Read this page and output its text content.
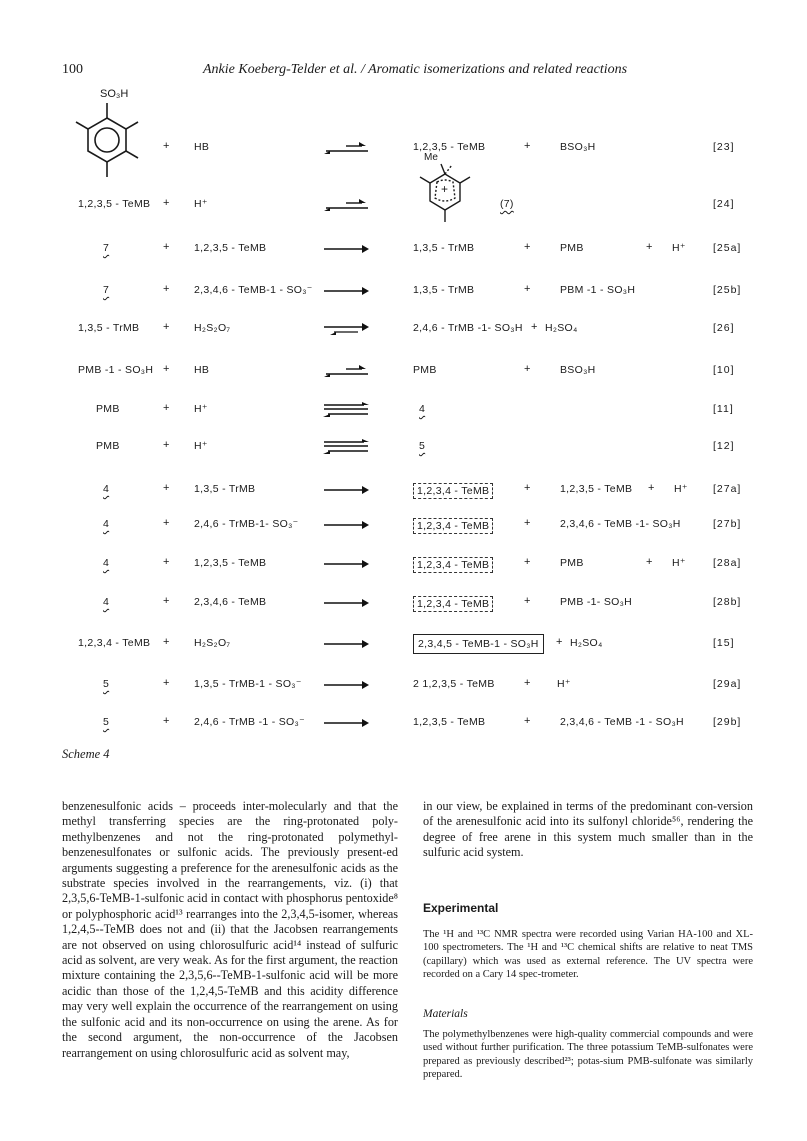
100	Ankie Koeberg-Telder et al. / Aromatic isomerizations and related reactions
SO₃H
Me
+
+ HB	1,2,3,5 - TeMB	+	BSO₃H	[23]
1,2,3,5 - TeMB + H⁺	(7)	[24]
7	+ 1,2,3,5 - TeMB	1,3,5 - TrMB	+	PMB	+ H⁺	[25a]
7	+ 2,3,4,6 - TeMB-1 - SO₃⁻	1,3,5 - TrMB	+	PBM -1 - SO₃H	[25b]
1,3,5 - TrMB + H₂S₂O₇	2,4,6 - TrMB -1- SO₃H + H₂SO₄	[26]
PMB -1 - SO₃H + HB	PMB	+	BSO₃H	[10]
PMB	+ H⁺	4	[11]
PMB	+ H⁺	5	[12]
4	+ 1,3,5 - TrMB	1,2,3,4 - TeMB	+	1,2,3,5 - TeMB + H⁺ [27a]
4	+ 2,4,6 - TrMB-1- SO₃⁻	1,2,3,4 - TeMB	+	2,3,4,6 - TeMB -1- SO₃H	[27b]
4	+ 1,2,3,5 - TeMB	1,2,3,4 - TeMB	+	PMB	+ H⁺	[28a]
4	+ 2,3,4,6 - TeMB	1,2,3,4 - TeMB	+	PMB -1- SO₃H	[28b]
1,2,3,4 - TeMB + H₂S₂O₇	2,3,4,5 - TeMB-1 - SO₃H	+ H₂SO₄	[15]
5	+ 1,3,5 - TrMB-1 - SO₃⁻	2 1,2,3,5 - TeMB	+	H⁺	[29a]
5	+ 2,4,6 - TrMB -1 - SO₃⁻	1,2,3,5 - TeMB	+	2,3,4,6 - TeMB -1 - SO₃H	[29b]
Scheme 4

benzenesulfonic acids – proceeds inter-molecularly and that the methyl transferring species are the ring-protonated poly-methylbenzenes and not the ring-protonated polymethyl-benzenesulfonates or sulfonic acids. The previously present-ed arguments suggesting a preference for the arenesulfonic acids as the substrate species involved in the rearrangements, viz. (i) that 2,3,5,6-TeMB-1-sulfonic acid in contact with phosphorus pentoxide⁸ or polyphosphoric acid¹³ rearranges into the 2,3,4,5-isomer, whereas 1,2,4,5--TeMB does not and (ii) that the Jacobsen rearrangements are not observed on using chlorosulfuric acid¹⁴ instead of sulfuric acid as solvent, are very weak. As for the first argument, the reaction mixture containing the 2,3,5,6--TeMB-1-sulfonic acid will be more acidic than those of the 1,2,4,5-TeMB and this acidity difference may very well explain the occurrence of the rearrangement on using the sulfonic acid and its non-occurrence on using the arene. As for the second argument, the non-occurrence of the Jacobsen rearrangement on using chlorosulfuric acid as solvent may,

in our view, be explained in terms of the predominant con-version of the arenesulfonic acid into its sulfonyl chloride⁵⁶, rendering the degree of free arene in this system much smaller than in the sulfuric acid system.

Experimental
The ¹H and ¹³C NMR spectra were recorded using Varian HA-100 and XL-100 spectrometers. The ¹H and ¹³C chemical shifts are relative to neat TMS (capillary) which was used as external reference. The UV spectra were recorded on a Cary 14 spec-trometer.
Materials
The polymethylbenzenes were high-quality commercial compounds and were used without further purification. The three potassium TeMB-sulfonates were prepared as previously described²³; potas-sium PMB-sulfonate was similarly prepared.
